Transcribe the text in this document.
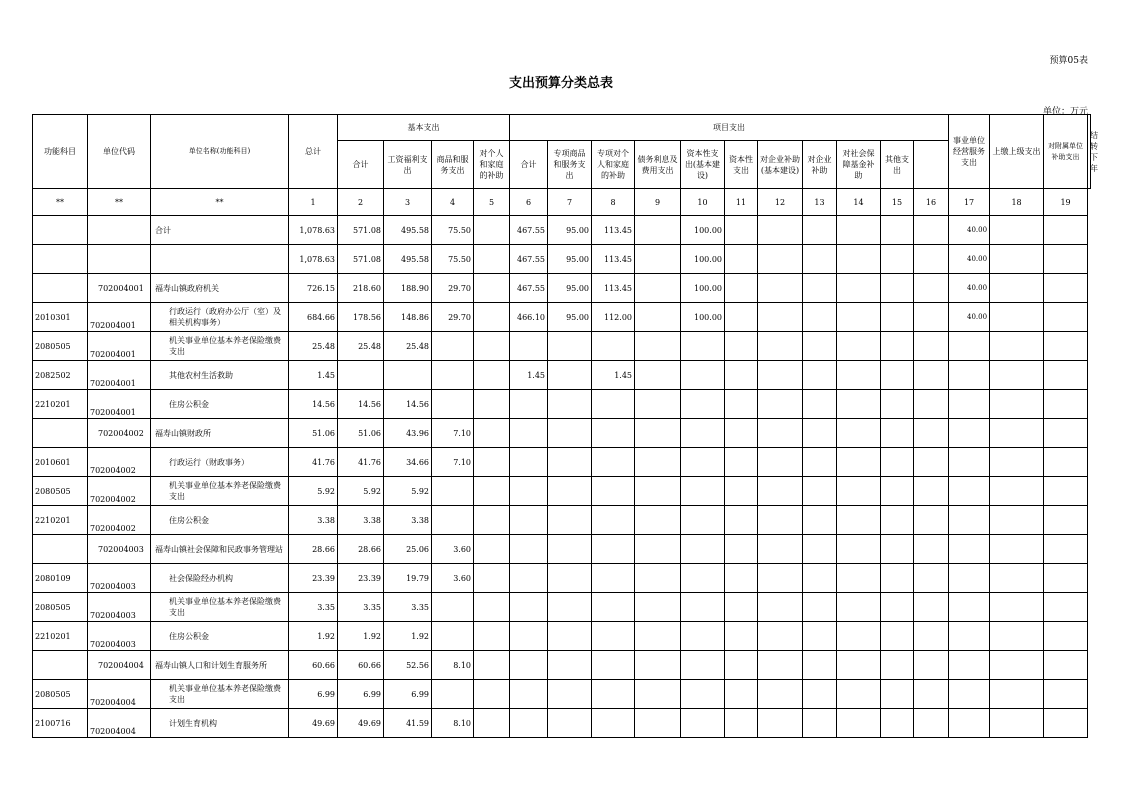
预算05表
支出预算分类总表
单位：万元
功能科目	单位代码	单位名称(功能科目)	总计	基本支出				项目支出											事业单位经营服务支出	上缴上级支出	对附属单位补助支出	结转下年
				合计	工资福利支出	商品和服务支出	对个人和家庭的补助	合计	专项商品和服务支出	专项对个人和家庭的补助	债务利息及费用支出	资本性支出(基本建设)	资本性支出	对企业补助(基本建设)	对企业补助	对社会保障基金补助	其他支出					
**	**	**	1	2	3	4	5	6	7	8	9	10	11	12	13	14	15	16	17	18	19	
		合计	1,078.63	571.08	495.58	75.50		467.55	95.00	113.45		100.00							40.00			
			1,078.63	571.08	495.58	75.50		467.55	95.00	113.45		100.00							40.00			
	702004001	福寿山镇政府机关	726.15	218.60	188.90	29.70		467.55	95.00	113.45		100.00							40.00			
2010301	702004001	行政运行（政府办公厅（室）及相关机构事务）	684.66	178.56	148.86	29.70		466.10	95.00	112.00		100.00							40.00			
2080505	702004001	机关事业单位基本养老保险缴费支出	25.48	25.48	25.48																	
2082502	702004001	其他农村生活救助	1.45					1.45		1.45												
2210201	702004001	住房公积金	14.56	14.56	14.56																	
	702004002	福寿山镇财政所	51.06	51.06	43.96	7.10																
2010601	702004002	行政运行（财政事务）	41.76	41.76	34.66	7.10																
2080505	702004002	机关事业单位基本养老保险缴费支出	5.92	5.92	5.92																	
2210201	702004002	住房公积金	3.38	3.38	3.38																	
	702004003	福寿山镇社会保障和民政事务管理站	28.66	28.66	25.06	3.60																
2080109	702004003	社会保险经办机构	23.39	23.39	19.79	3.60																
2080505	702004003	机关事业单位基本养老保险缴费支出	3.35	3.35	3.35																	
2210201	702004003	住房公积金	1.92	1.92	1.92																	
	702004004	福寿山镇人口和计划生育服务所	60.66	60.66	52.56	8.10																
2080505	702004004	机关事业单位基本养老保险缴费支出	6.99	6.99	6.99																	
2100716	702004004	计划生育机构	49.69	49.69	41.59	8.10																
